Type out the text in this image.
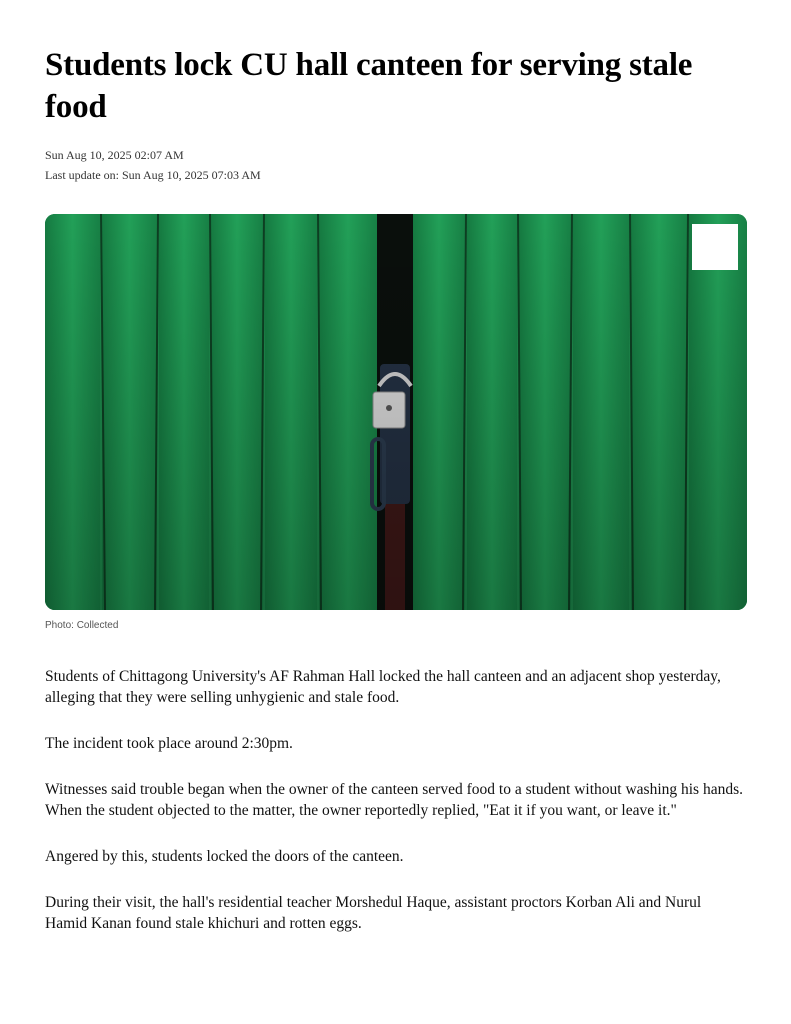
Students lock CU hall canteen for serving stale food
Sun Aug 10, 2025 02:07 AM
Last update on: Sun Aug 10, 2025 07:03 AM
Photo: Collected

Students of Chittagong University's AF Rahman Hall locked the hall canteen and an adjacent shop yesterday, alleging that they were selling unhygienic and stale food.

The incident took place around 2:30pm.

Witnesses said trouble began when the owner of the canteen served food to a student without washing his hands. When the student objected to the matter, the owner reportedly replied, "Eat it if you want, or leave it."

Angered by this, students locked the doors of the canteen.

During their visit, the hall's residential teacher Morshedul Haque, assistant proctors Korban Ali and Nurul Hamid Kanan found stale khichuri and rotten eggs.
